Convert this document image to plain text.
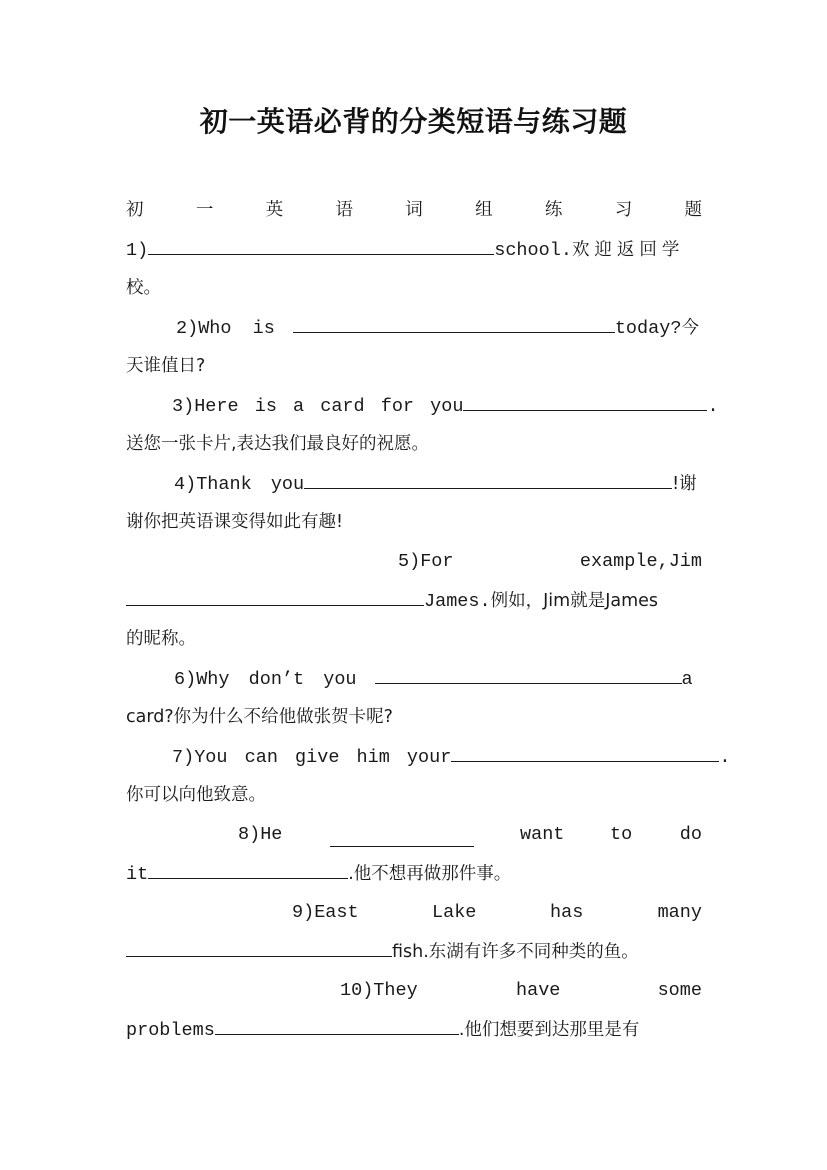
初一英语必背的分类短语与练习题
初	一	英	语	词	组	练	习	题
1)	school.欢迎返回学
校。
2)Who is	today?今
天谁值日?
3)Here is a card for you	.
送您一张卡片,表达我们最良好的祝愿。
4)Thank you	!谢
谢你把英语课变得如此有趣!
5)For	example,Jim
James.例如，Jim就是James
的昵称。
6)Why don’t you	a
card?你为什么不给他做张贺卡呢?
7)You can give him your	.
你可以向他致意。
8)He	want to	do
it	.他不想再做那件事。
9)East	Lake	has	many
fish.东湖有许多不同种类的鱼。
10)They	have	some
problems	.他们想要到达那里是有
